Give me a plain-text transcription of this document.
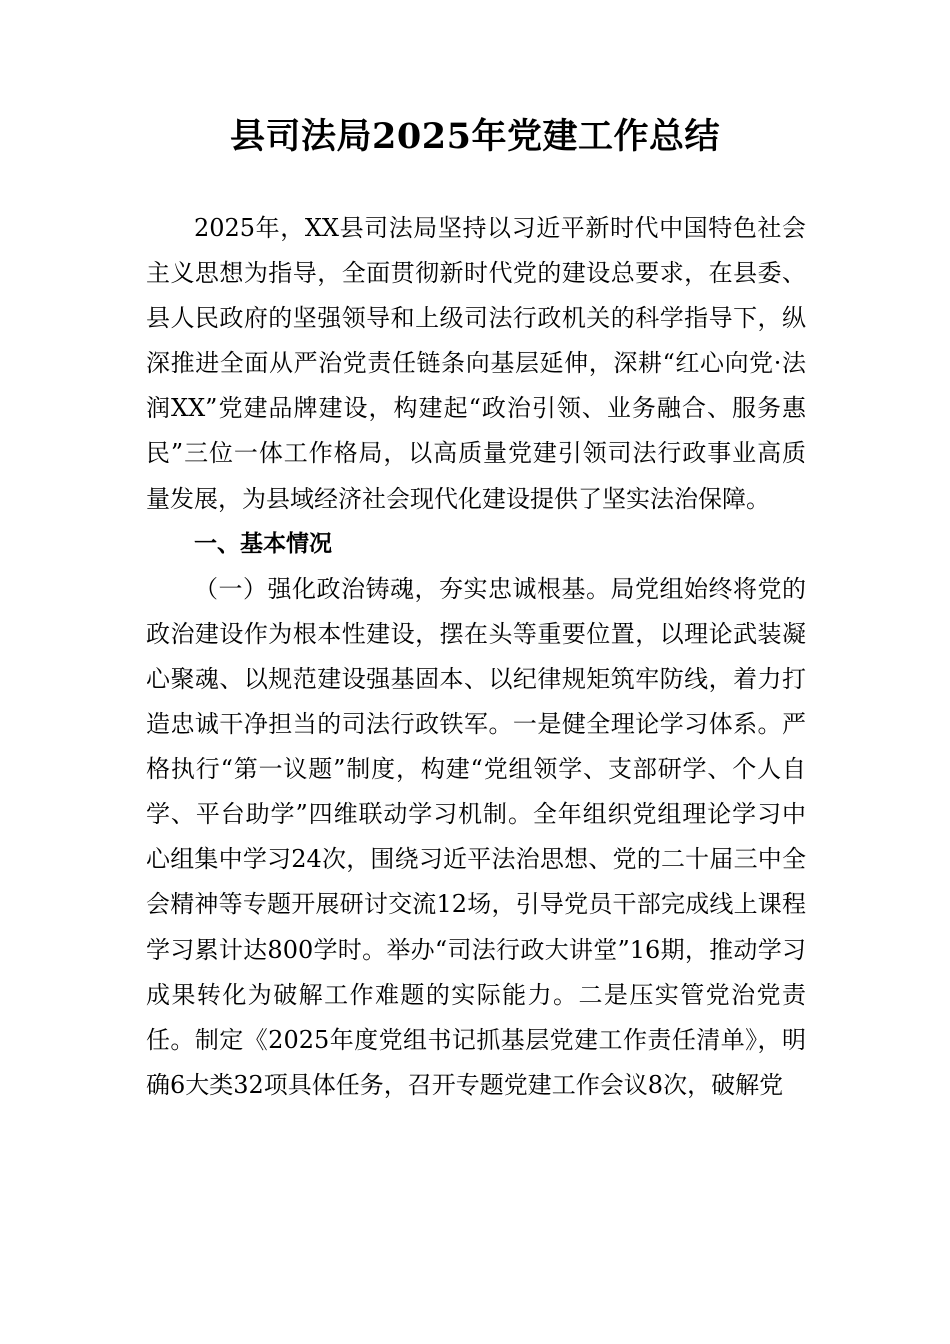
县司法局2025年党建工作总结

2025年，XX县司法局坚持以习近平新时代中国特色社会主义思想为指导，全面贯彻新时代党的建设总要求，在县委、县人民政府的坚强领导和上级司法行政机关的科学指导下，纵深推进全面从严治党责任链条向基层延伸，深耕“红心向党·法润XX”党建品牌建设，构建起“政治引领、业务融合、服务惠民”三位一体工作格局，以高质量党建引领司法行政事业高质量发展，为县域经济社会现代化建设提供了坚实法治保障。

一、基本情况

（一）强化政治铸魂，夯实忠诚根基。局党组始终将党的政治建设作为根本性建设，摆在头等重要位置，以理论武装凝心聚魂、以规范建设强基固本、以纪律规矩筑牢防线，着力打造忠诚干净担当的司法行政铁军。一是健全理论学习体系。严格执行“第一议题”制度，构建“党组领学、支部研学、个人自学、平台助学”四维联动学习机制。全年组织党组理论学习中心组集中学习24次，围绕习近平法治思想、党的二十届三中全会精神等专题开展研讨交流12场，引导党员干部完成线上课程学习累计达800学时。举办“司法行政大讲堂”16期，推动学习成果转化为破解工作难题的实际能力。二是压实管党治党责任。制定《2025年度党组书记抓基层党建工作责任清单》，明确6大类32项具体任务，召开专题党建工作会议8次，破解党
